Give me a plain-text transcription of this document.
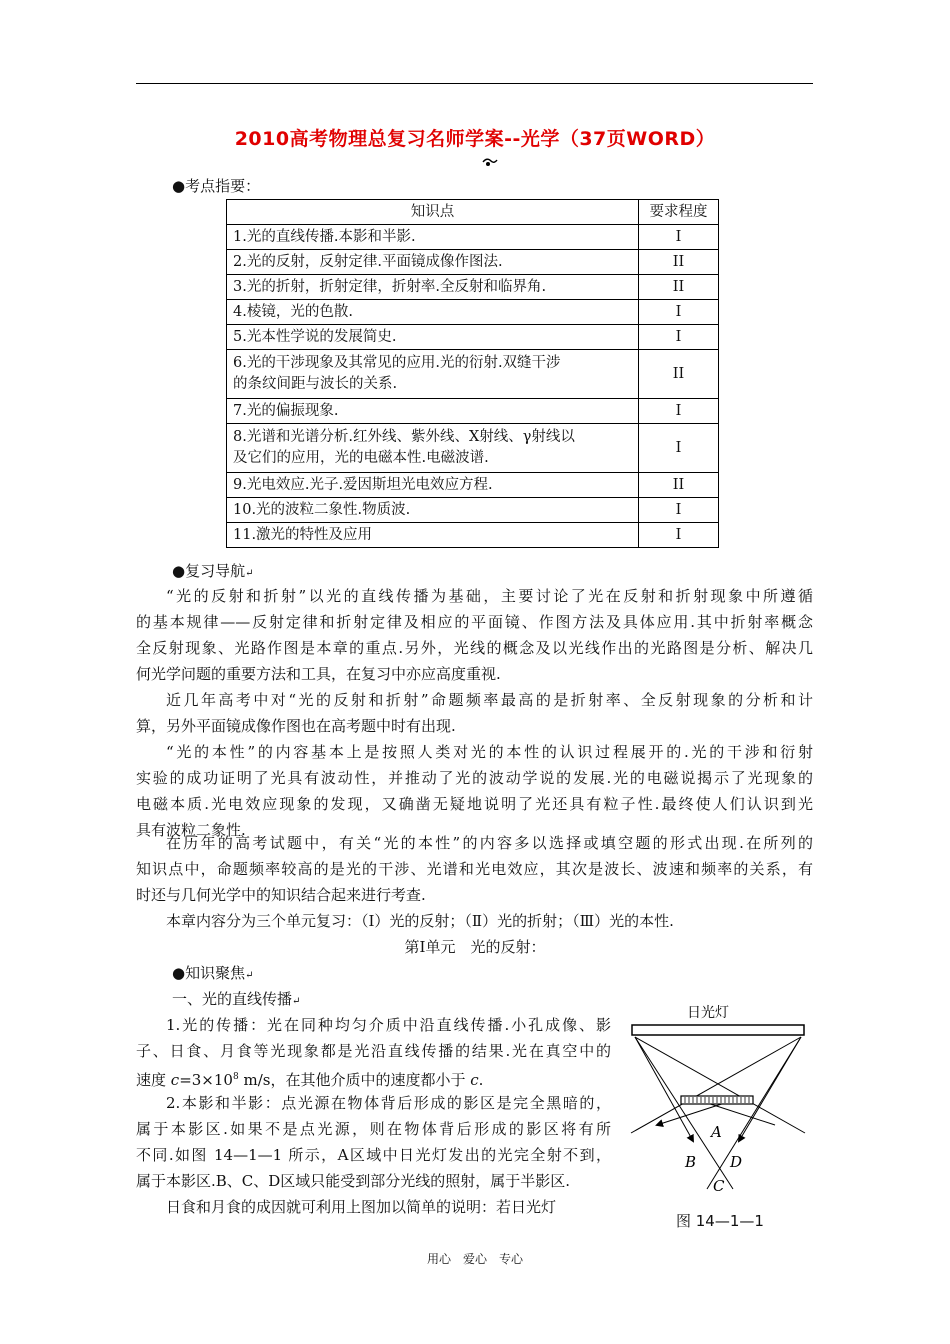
2010高考物理总复习名师学案--光学（37页WORD）
●考点指要：
知识点	要求程度
1.光的直线传播.本影和半影.	I
2.光的反射，反射定律.平面镜成像作图法.	II
3.光的折射，折射定律，折射率.全反射和临界角.	II
4.棱镜，光的色散.	I
5.光本性学说的发展简史.	I
6.光的干涉现象及其常见的应用.光的衍射.双缝干涉
的条纹间距与波长的关系.	II
7.光的偏振现象.	I
8.光谱和光谱分析.红外线、紫外线、X射线、γ射线以
及它们的应用，光的电磁本性.电磁波谱.	I
9.光电效应.光子.爱因斯坦光电效应方程.	II
10.光的波粒二象性.物质波.	I
11.激光的特性及应用	I
●复习导航↵
“光的反射和折射”以光的直线传播为基础，主要讨论了光在反射和折射现象中所遵循
的基本规律——反射定律和折射定律及相应的平面镜、作图方法及具体应用.其中折射率概念
全反射现象、光路作图是本章的重点.另外，光线的概念及以光线作出的光路图是分析、解决几
何光学问题的重要方法和工具，在复习中亦应高度重视.
近几年高考中对“光的反射和折射”命题频率最高的是折射率、全反射现象的分析和计
算，另外平面镜成像作图也在高考题中时有出现.
“光的本性”的内容基本上是按照人类对光的本性的认识过程展开的.光的干涉和衍射
实验的成功证明了光具有波动性，并推动了光的波动学说的发展.光的电磁说揭示了光现象的
电磁本质.光电效应现象的发现，又确凿无疑地说明了光还具有粒子性.最终使人们认识到光
具有波粒二象性.
在历年的高考试题中，有关“光的本性”的内容多以选择或填空题的形式出现.在所列的
知识点中，命题频率较高的是光的干涉、光谱和光电效应，其次是波长、波速和频率的关系，有
时还与几何光学中的知识结合起来进行考查.
本章内容分为三个单元复习：（Ⅰ）光的反射；（Ⅱ）光的折射；（Ⅲ）光的本性.
第Ⅰ单元　光的反射：
●知识聚焦↵
一、光的直线传播↵
1.光的传播：光在同种均匀介质中沿直线传播.小孔成像、影
子、日食、月食等光现象都是光沿直线传播的结果.光在真空中的
速度 $c=3\times 10^8$ m/s，在其他介质中的速度都小于 c.
2.本影和半影：点光源在物体背后形成的影区是完全黑暗的，
属于本影区.如果不是点光源，则在物体背后形成的影区将有所
不同.如图 14—1—1 所示，A区域中日光灯发出的光完全射不到，
属于本影区.B、C、D区域只能受到部分光线的照射，属于半影区.
日食和月食的成因就可利用上图加以简单的说明：若日光灯
日光灯
A
B D
C
图 14—1—1
用心　爱心　专心
